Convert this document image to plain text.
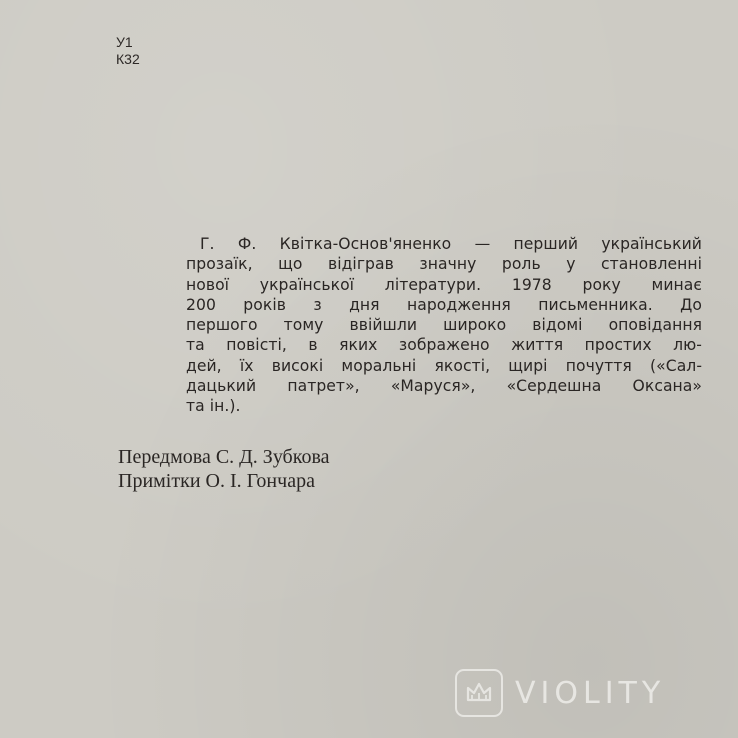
У1
К32
Г. Ф. Квітка-Основ'яненко — перший український
прозаїк, що відіграв значну роль у становленні
нової української літератури. 1978 року минає
200 років з дня народження письменника. До
першого тому ввійшли широко відомі оповідання
та повісті, в яких зображено життя простих лю-
дей, їх високі моральні якості, щирі почуття («Сал-
дацький патрет», «Маруся», «Сердешна Оксана»
та ін.).
Передмова С. Д. Зубкова
Примітки О. І. Гончара
VIOLITY
